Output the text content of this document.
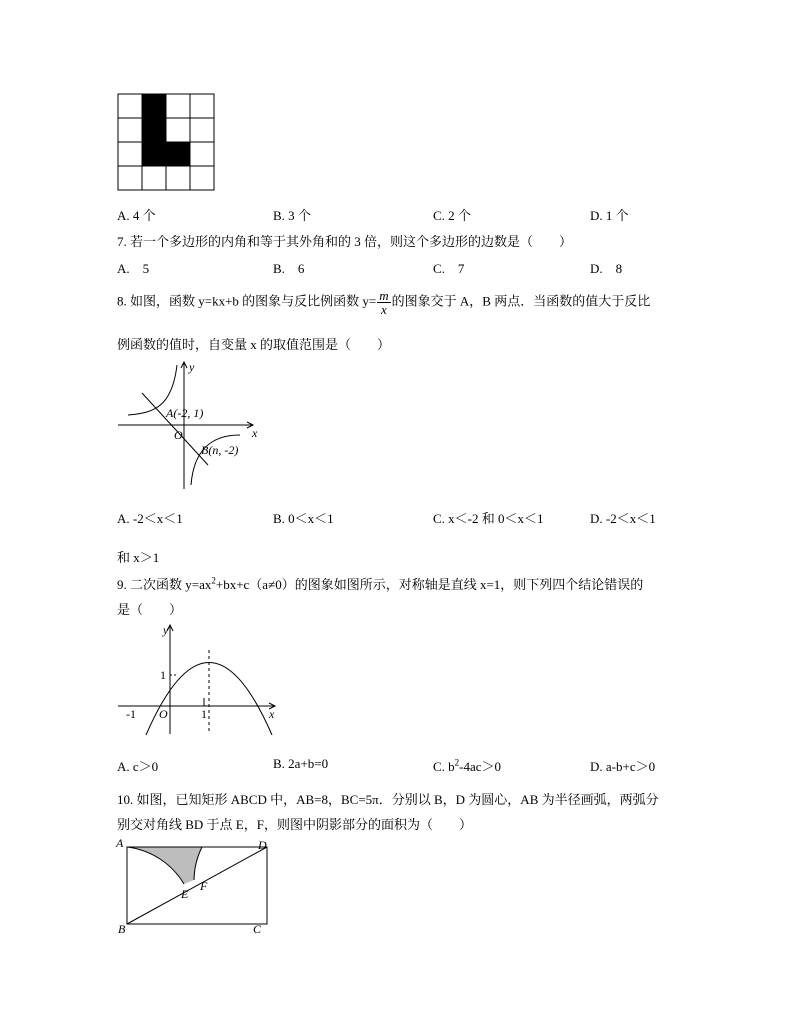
A. 4 个	B. 3 个	C. 2 个	D. 1 个
7. 若一个多边形的内角和等于其外角和的 3 倍，则这个多边形的边数是（　　）
A.　5	B.　6	C.　7	D.　8
8. 如图，函数 y=kx+b 的图象与反比例函数 $y= \frac{m}{x}$ 的图象交于 A，B 两点．当函数的值大于反比
例函数的值时，自变量 x 的取值范围是（　　）
y
x
O
A(-2, 1)
B(n, -2)
A. -2＜x＜1	B. 0＜x＜1	C. x＜-2 和 0＜x＜1	D. -2＜x＜1
和 x＞1
9. 二次函数 $y=ax^2+bx+c(a\ne 0)$的图象如图所示，对称轴是直线 x=1，则下列四个结论错误的
是（　　）
y
x
O
1
-1	1
A. c＞0	B. 2a+b=0	C. $b^2-4ac>0$	D. a-b+c＞0
10. 如图，已知矩形 ABCD 中，AB=8，BC=5π．分别以 B，D 为圆心，AB 为半径画弧，两弧分
别交对角线 BD 于点 E，F，则图中阴影部分的面积为（　　）
A
B	C
D
E
F
